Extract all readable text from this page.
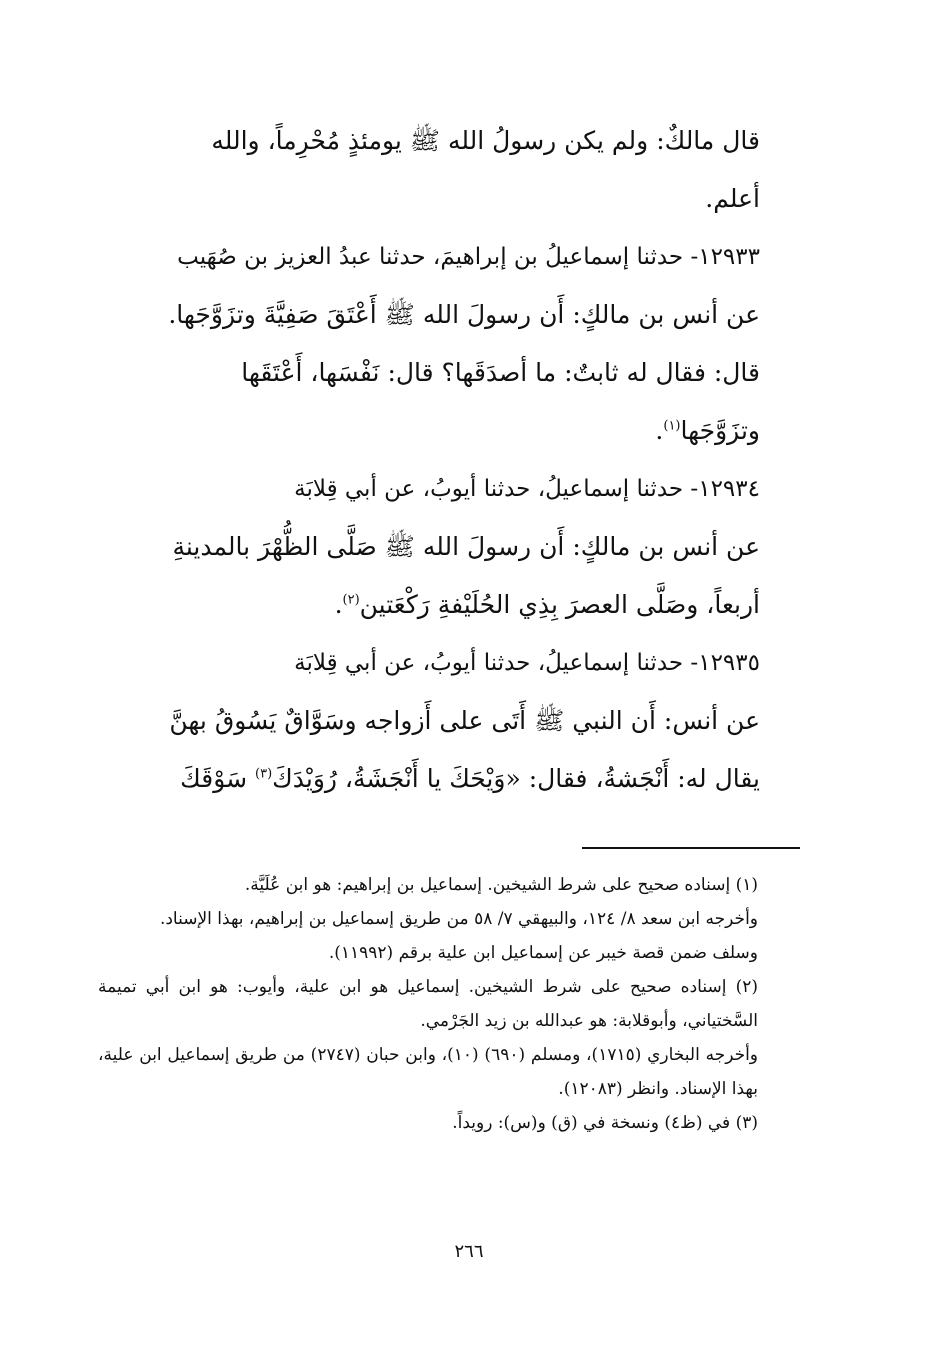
قال مالكٌ: ولم يكن رسولُ الله ﷺ يومئذٍ مُحْرِماً، والله
أعلم.

١٢٩٣٣- حدثنا إسماعيلُ بن إبراهيمَ، حدثنا عبدُ العزيز بن صُهَيب

عن أنس بن مالكٍ: أَن رسولَ الله ﷺ أَعْتَقَ صَفِيَّةَ وتزَوَّجَها.
قال: فقال له ثابتٌ: ما أصدَقَها؟ قال: نَفْسَها، أَعْتَقَها
وتزَوَّجَها$^{(١)}$.

١٢٩٣٤- حدثنا إسماعيلُ، حدثنا أيوبُ، عن أبي قِلابَة

عن أنس بن مالكٍ: أَن رسولَ الله ﷺ صَلَّى الظُّهْرَ بالمدينةِ
أربعاً، وصَلَّى العصرَ بِذِي الحُلَيْفةِ رَكْعَتين$^{(٢)}$.

١٢٩٣٥- حدثنا إسماعيلُ، حدثنا أيوبُ، عن أبي قِلابَة

عن أنس: أَن النبي ﷺ أَتَى على أَزواجه وسَوَّاقٌ يَسُوقُ بهنَّ
يقال له: أَنْجَشةُ، فقال: «وَيْحَكَ يا أَنْجَشَةُ، رُوَيْدَكَ$^{(٣)}$ سَوْقَكَ

(١) إسناده صحيح على شرط الشيخين. إسماعيل بن إبراهيم: هو ابن عُلَيَّة.

وأخرجه ابن سعد ٨/ ١٢٤، والبيهقي ٧/ ٥٨ من طريق إسماعيل بن إبراهيم، بهذا الإسناد.

وسلف ضمن قصة خيبر عن إسماعيل ابن علية برقم (١١٩٩٢).

(٢) إسناده صحيح على شرط الشيخين. إسماعيل هو ابن علية، وأيوب: هو ابن أبي تميمة السَّختياني، وأبوقلابة: هو عبدالله بن زيد الجَرْمي.

وأخرجه البخاري (١٧١٥)، ومسلم (٦٩٠) (١٠)، وابن حبان (٢٧٤٧) من طريق إسماعيل ابن علية، بهذا الإسناد. وانظر (١٢٠٨٣).

(٣) في (ظ٤) ونسخة في (ق) و(س): رويداً.

٢٦٦
